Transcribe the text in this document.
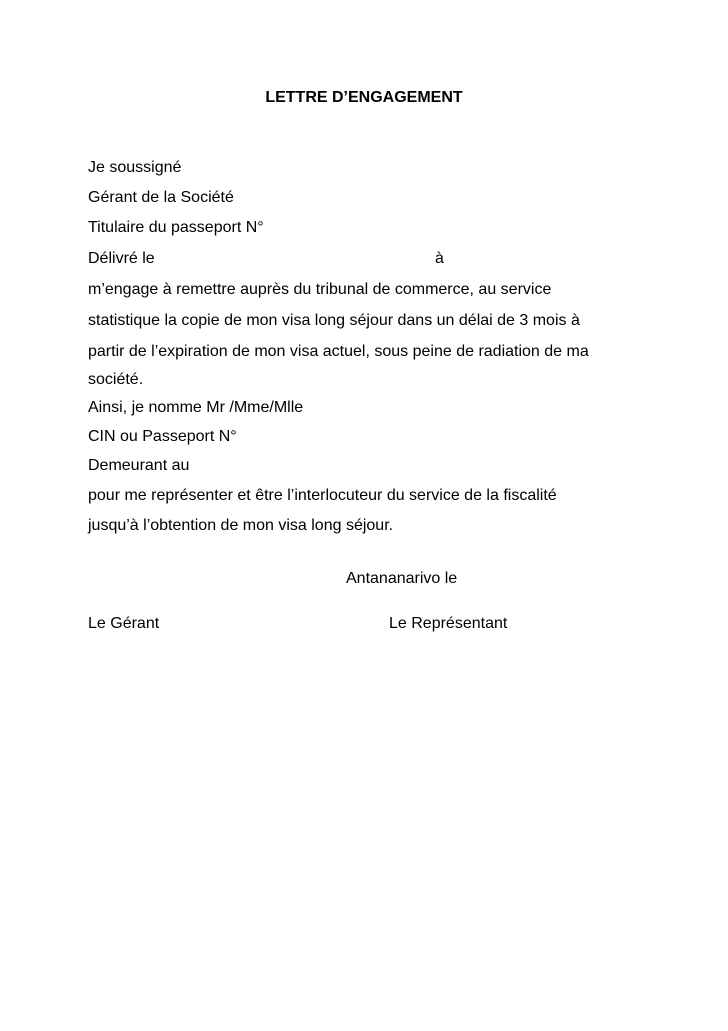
LETTRE D’ENGAGEMENT
Je soussigné
Gérant de la Société
Titulaire du passeport N°
Délivré le	à
m’engage à remettre auprès du tribunal de commerce, au service
statistique la copie de mon visa long séjour dans un délai de 3 mois à
partir de l’expiration de mon visa actuel, sous peine de radiation de ma
société.
Ainsi, je nomme Mr /Mme/Mlle
CIN ou Passeport N°
Demeurant au
pour me représenter et être l’interlocuteur du service de la fiscalité
jusqu’à l’obtention de mon visa long séjour.
Antananarivo le
Le Gérant	Le Représentant
